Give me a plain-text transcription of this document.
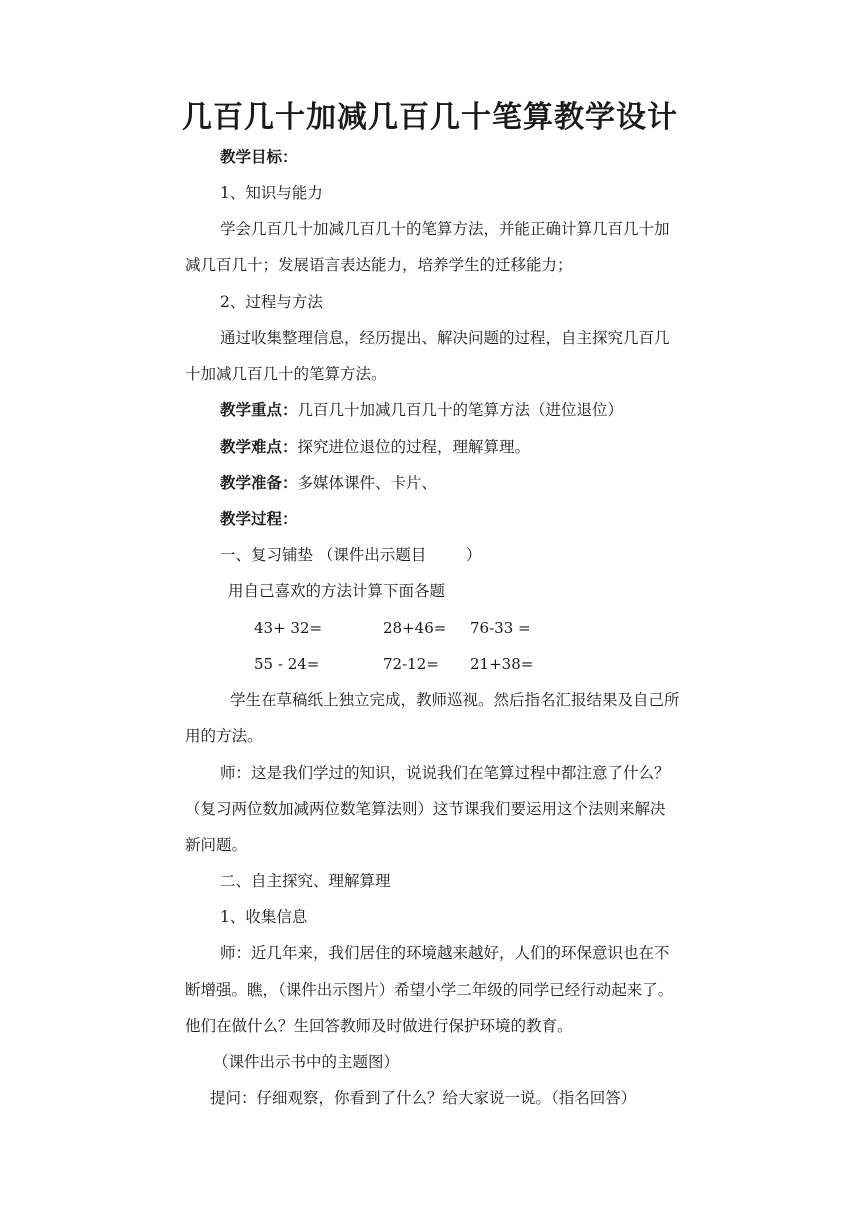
几百几十加减几百几十笔算教学设计

教学目标：

1、知识与能力

学会几百几十加减几百几十的笔算方法，并能正确计算几百几十加

减几百几十；发展语言表达能力，培养学生的迁移能力；

2、过程与方法

通过收集整理信息，经历提出、解决问题的过程，自主探究几百几

十加减几百几十的笔算方法。

教学重点：几百几十加减几百几十的笔算方法（进位退位）

教学难点：探究进位退位的过程，理解算理。

教学准备：多媒体课件、卡片、

教学过程：

一、复习铺垫 （课件出示题目        ）

用自己喜欢的方法计算下面各题

43+ 32=	28+46= 76-33 =
55 - 24=	72-12= 21+38=

学生在草稿纸上独立完成，教师巡视。然后指名汇报结果及自己所

用的方法。

师：这是我们学过的知识，说说我们在笔算过程中都注意了什么？

（复习两位数加减两位数笔算法则）这节课我们要运用这个法则来解决

新问题。

二、自主探究、理解算理

1、收集信息

师：近几年来，我们居住的环境越来越好，人们的环保意识也在不

断增强。瞧，（课件出示图片）希望小学二年级的同学已经行动起来了。

他们在做什么？生回答教师及时做进行保护环境的教育。

（课件出示书中的主题图）

提问：仔细观察，你看到了什么？给大家说一说。（指名回答）
